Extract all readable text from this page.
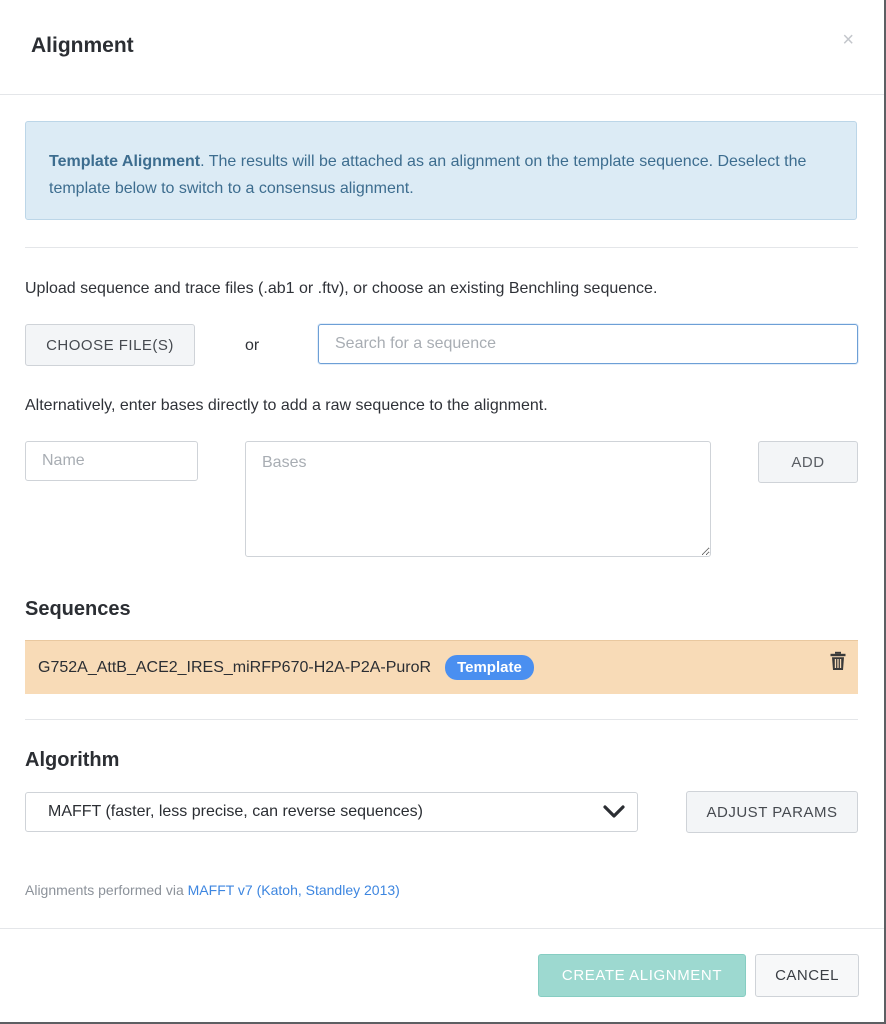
Alignment	×
Template Alignment. The results will be attached as an alignment on the template sequence. Deselect the template below to switch to a consensus alignment.
Upload sequence and trace files (.ab1 or .ftv), or choose an existing Benchling sequence.
CHOOSE FILE(S)	or
Search for a sequence
Alternatively, enter bases directly to add a raw sequence to the alignment.
Name
Bases
ADD
Sequences
G752A_AttB_ACE2_IRES_miRFP670-H2A-P2A-PuroR	Template
Algorithm
MAFFT (faster, less precise, can reverse sequences)	ADJUST PARAMS
Alignments performed via MAFFT v7 (Katoh, Standley 2013)
CREATE ALIGNMENT	CANCEL
